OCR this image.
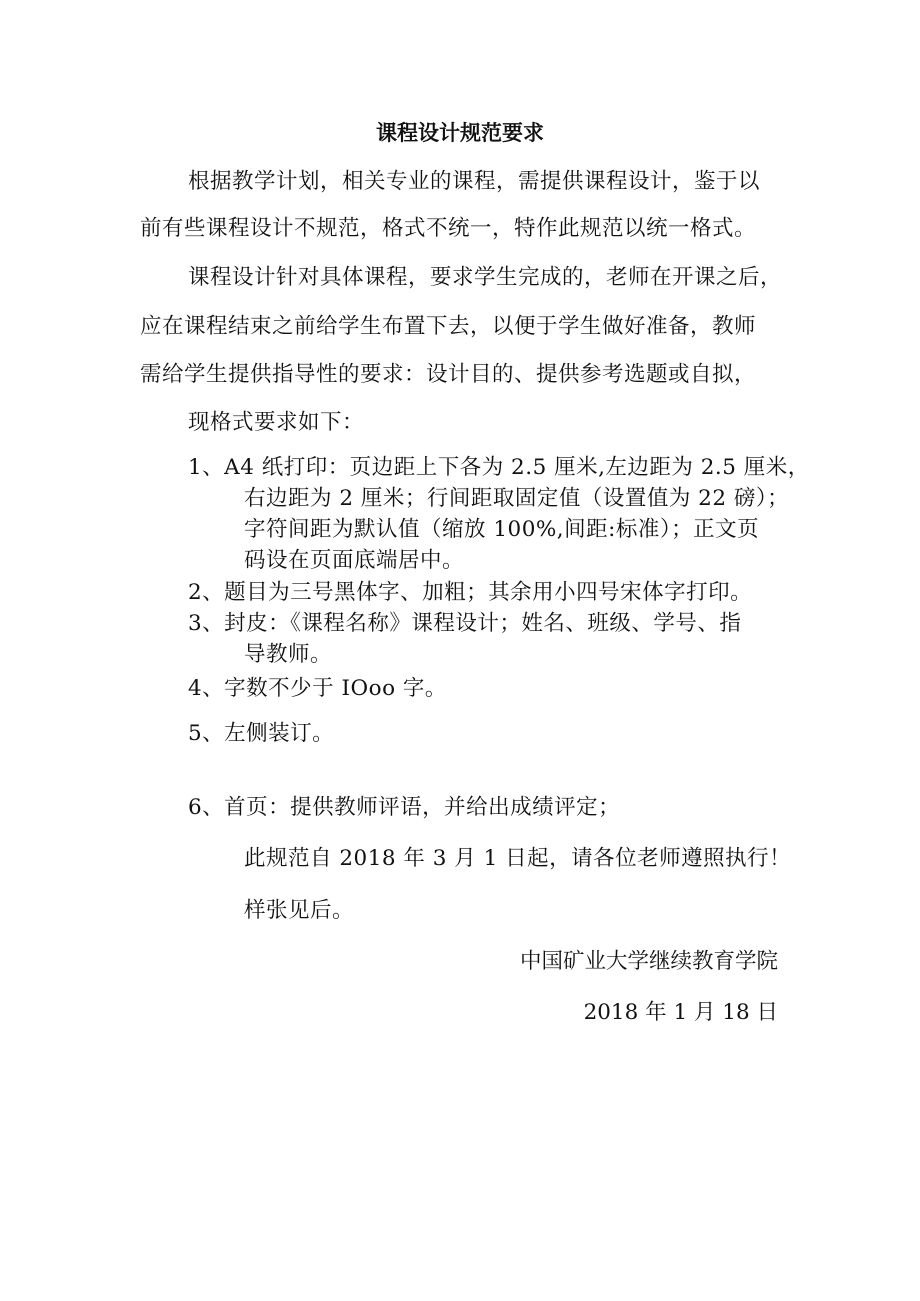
课程设计规范要求
根据教学计划，相关专业的课程，需提供课程设计，鉴于以
前有些课程设计不规范，格式不统一，特作此规范以统一格式。
课程设计针对具体课程，要求学生完成的，老师在开课之后，
应在课程结束之前给学生布置下去，以便于学生做好准备，教师
需给学生提供指导性的要求：设计目的、提供参考选题或自拟，
现格式要求如下：
1、A4 纸打印：页边距上下各为 2.5 厘米,左边距为 2.5 厘米，
右边距为 2 厘米；行间距取固定值（设置值为 22 磅）；
字符间距为默认值（缩放 100%,间距:标准）；正文页
码设在页面底端居中。
2、题目为三号黑体字、加粗；其余用小四号宋体字打印。
3、封皮：《课程名称》课程设计；姓名、班级、学号、指
导教师。
4、字数不少于 IOoo 字。
5、左侧装订。
6、首页：提供教师评语，并给出成绩评定；
此规范自 2018 年 3 月 1 日起，请各位老师遵照执行！
样张见后。
中国矿业大学继续教育学院
2018 年 1 月 18 日
